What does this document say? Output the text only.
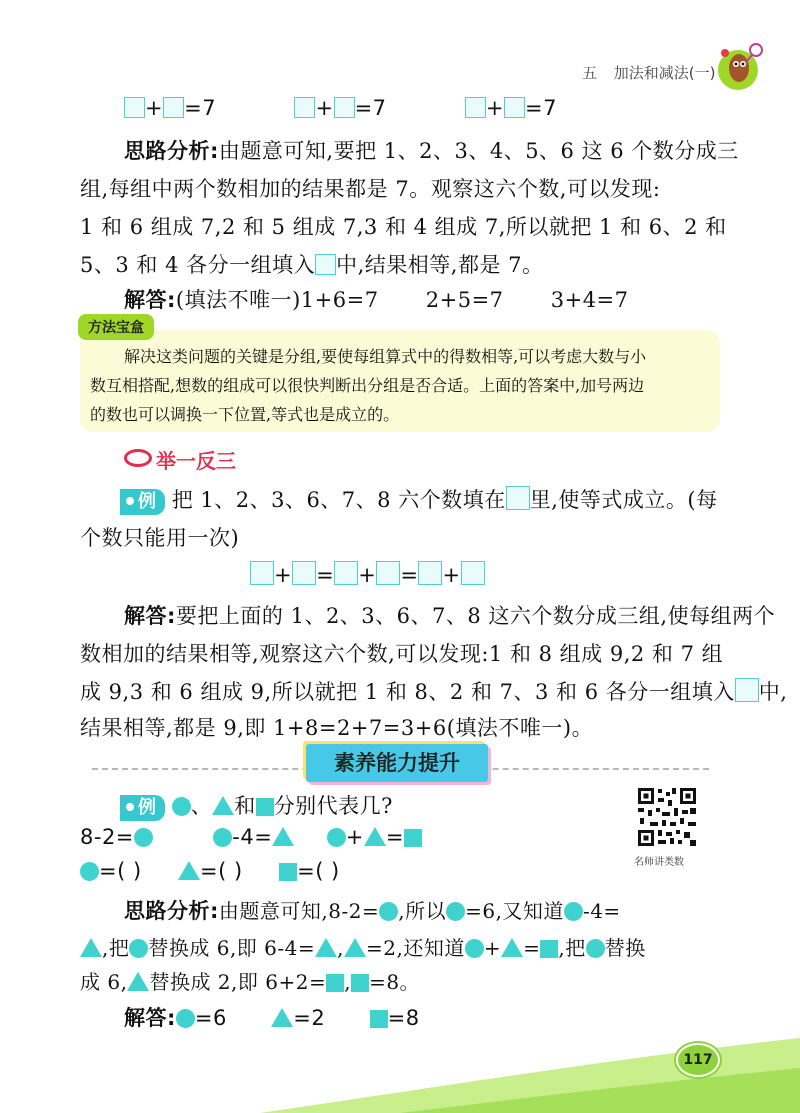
五 加法和减法(一)
+ =7	+ =7	+ =7
思路分析:由题意可知,要把 1、2、3、4、5、6 这 6 个数分成三
组,每组中两个数相加的结果都是 7。观察这六个数,可以发现:
1 和 6 组成 7,2 和 5 组成 7,3 和 4 组成 7,所以就把 1 和 6、2 和
5、3 和 4 各分一组填入 中,结果相等,都是 7。
解答:(填法不唯一)1+6=7 2+5=7 3+4=7
方法宝盒
解决这类问题的关键是分组,要使每组算式中的得数相等,可以考虑大数与小
数互相搭配,想数的组成可以很快判断出分组是否合适。上面的答案中,加号两边
的数也可以调换一下位置,等式也是成立的。
举一反三
例 把 1、2、3、6、7、8 六个数填在 里,使等式成立。(每
个数只能用一次)
+ = + = +
解答:要把上面的 1、2、3、6、7、8 这六个数分成三组,使每组两个
数相加的结果相等,观察这六个数,可以发现:1 和 8 组成 9,2 和 7 组
成 9,3 和 6 组成 9,所以就把 1 和 8、2 和 7、3 和 6 各分一组填入 中,
结果相等,都是 9,即 1+8=2+7=3+6(填法不唯一)。
素养能力提升
例 、 和 分别代表几?
8-2=	-4=	+ =
=( )	=( )	=( )	名师讲类数
思路分析:由题意可知,8-2= ,所以 =6,又知道 -4=
,把 替换成 6,即 6-4= , =2,还知道 + = ,把 替换
成 6, 替换成 2,即 6+2= , =8。
解答: =6	=2	=8
117
